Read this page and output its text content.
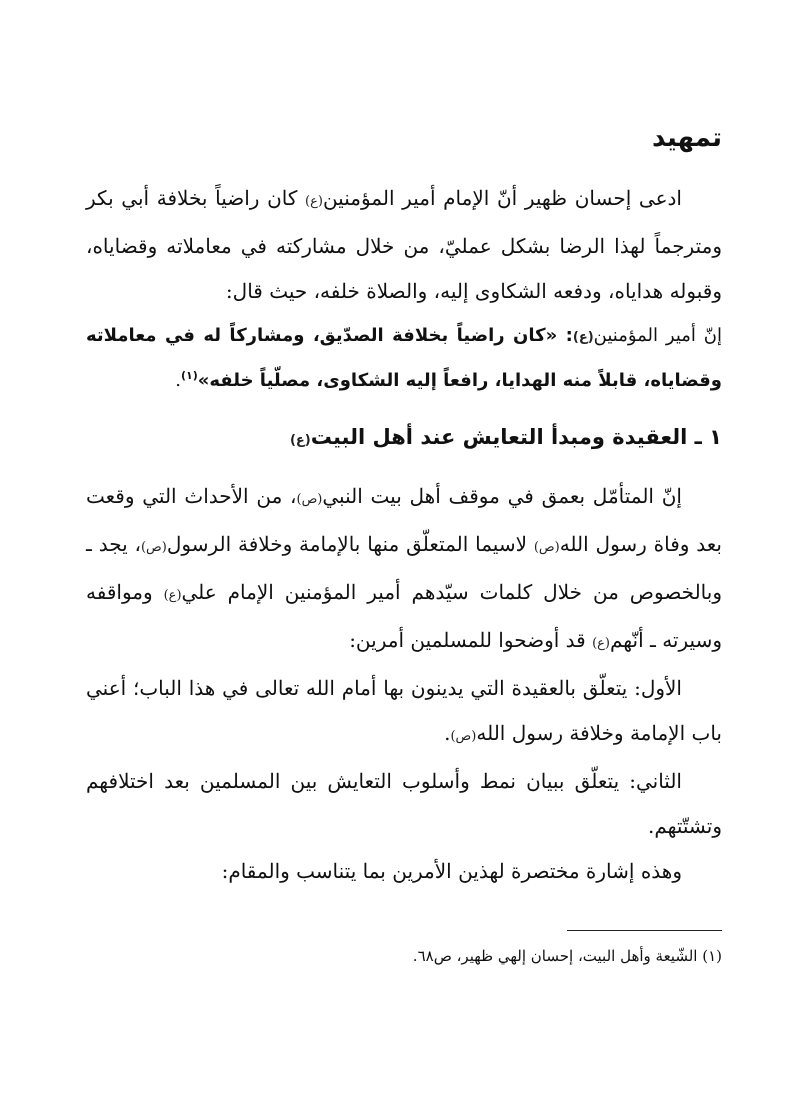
تمهيد

ادعى إحسان ظهير أنّ الإمام أمير المؤمنين(ع) كان راضياً بخلافة أبي بكر ومترجماً لهذا الرضا بشكل عمليّ، من خلال مشاركته في معاملاته وقضاياه، وقبوله هداياه، ودفعه الشكاوى إليه، والصلاة خلفه، حيث قال:

إنّ أمير المؤمنين(ع): «كان راضياً بخلافة الصدّيق، ومشاركاً له في معاملاته وقضاياه، قابلاً منه الهدايا، رافعاً إليه الشكاوى، مصلّياً خلفه»$^{(١)}$.

١ ـ العقيدة ومبدأ التعايش عند أهل البيت(ع)

إنّ المتأمّل بعمق في موقف أهل بيت النبي(ص)، من الأحداث التي وقعت بعد وفاة رسول الله(ص) لاسيما المتعلّق منها بالإمامة وخلافة الرسول(ص)، يجد ـ وبالخصوص من خلال كلمات سيّدهم أمير المؤمنين الإمام علي(ع) ومواقفه وسيرته ـ أنّهم(ع) قد أوضحوا للمسلمين أمرين:

الأول: يتعلّق بالعقيدة التي يدينون بها أمام الله تعالى في هذا الباب؛ أعني باب الإمامة وخلافة رسول الله(ص).

الثاني: يتعلّق ببيان نمط وأسلوب التعايش بين المسلمين بعد اختلافهم وتشتّتهم.

وهذه إشارة مختصرة لهذين الأمرين بما يتناسب والمقام:

(١) الشّيعة وأهل البيت، إحسان إلهي ظهير، ص٦٨.
